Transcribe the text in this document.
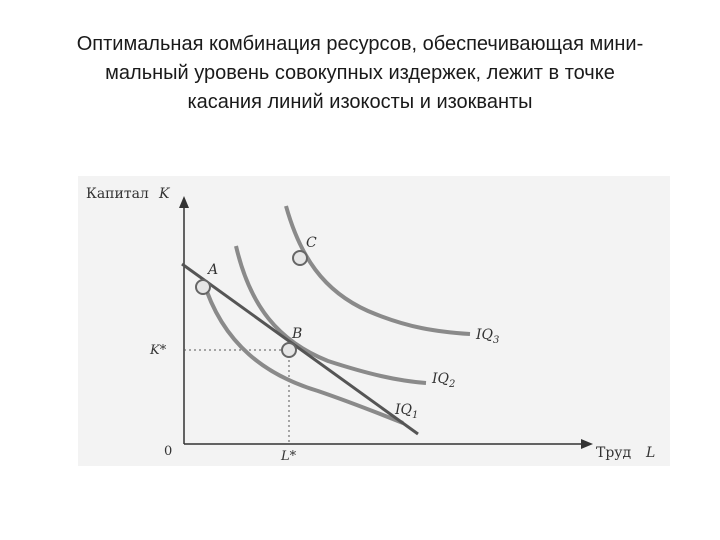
Оптимальная комбинация ресурсов, обеспечивающая мини-
мальный уровень совокупных издержек, лежит в точке
касания линий изокосты и изокванты
Капитал K
Труд L
0
K*
L*
A
B
C
$IQ_1$
$IQ_2$
$IQ_3$
